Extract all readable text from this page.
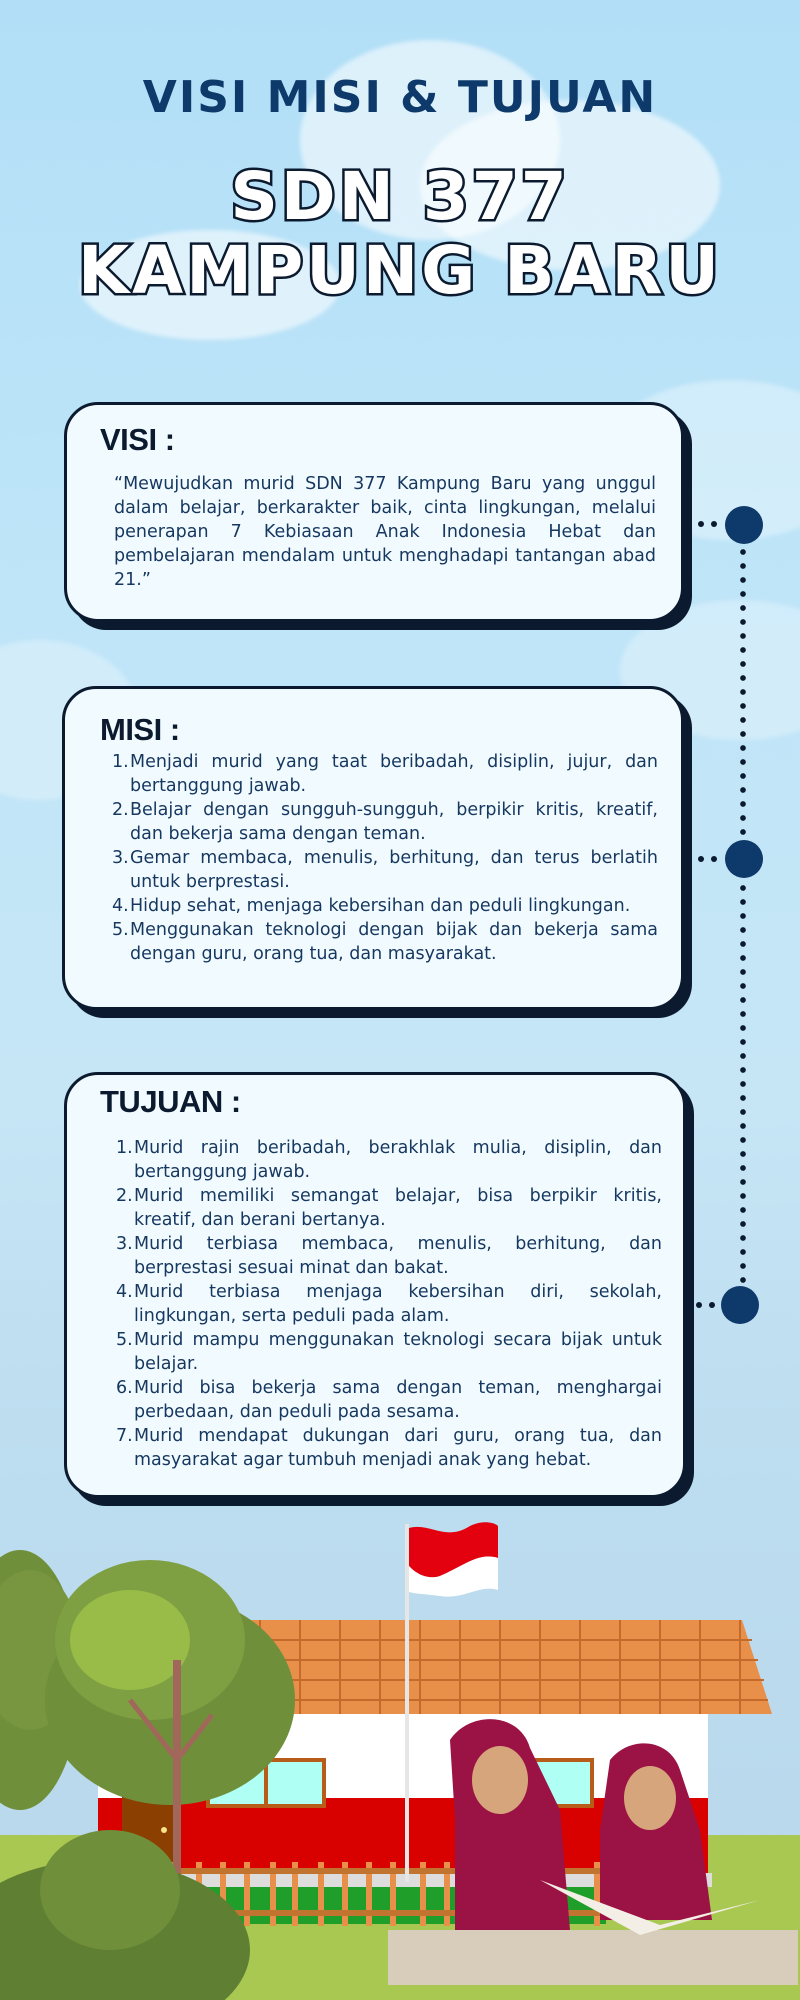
VISI MISI & TUJUAN
SDN 377
KAMPUNG BARU
VISI :

“Mewujudkan murid SDN 377 Kampung Baru yang unggul dalam belajar, berkarakter baik, cinta lingkungan, melalui penerapan 7 Kebiasaan Anak Indonesia Hebat dan pembelajaran mendalam untuk menghadapi tantangan abad 21.”

MISI :
1. Menjadi murid yang taat beribadah, disiplin, jujur, dan bertanggung jawab.
2. Belajar dengan sungguh-sungguh, berpikir kritis, kreatif, dan bekerja sama dengan teman.
3. Gemar membaca, menulis, berhitung, dan terus berlatih untuk berprestasi.
4. Hidup sehat, menjaga kebersihan dan peduli lingkungan.
5. Menggunakan teknologi dengan bijak dan bekerja sama dengan guru, orang tua, dan masyarakat.
TUJUAN :
1. Murid rajin beribadah, berakhlak mulia, disiplin, dan bertanggung jawab.
2. Murid memiliki semangat belajar, bisa berpikir kritis, kreatif, dan berani bertanya.
3. Murid terbiasa membaca, menulis, berhitung, dan berprestasi sesuai minat dan bakat.
4. Murid terbiasa menjaga kebersihan diri, sekolah, lingkungan, serta peduli pada alam.
5. Murid mampu menggunakan teknologi secara bijak untuk belajar.
6. Murid bisa bekerja sama dengan teman, menghargai perbedaan, dan peduli pada sesama.
7. Murid mendapat dukungan dari guru, orang tua, dan masyarakat agar tumbuh menjadi anak yang hebat.
